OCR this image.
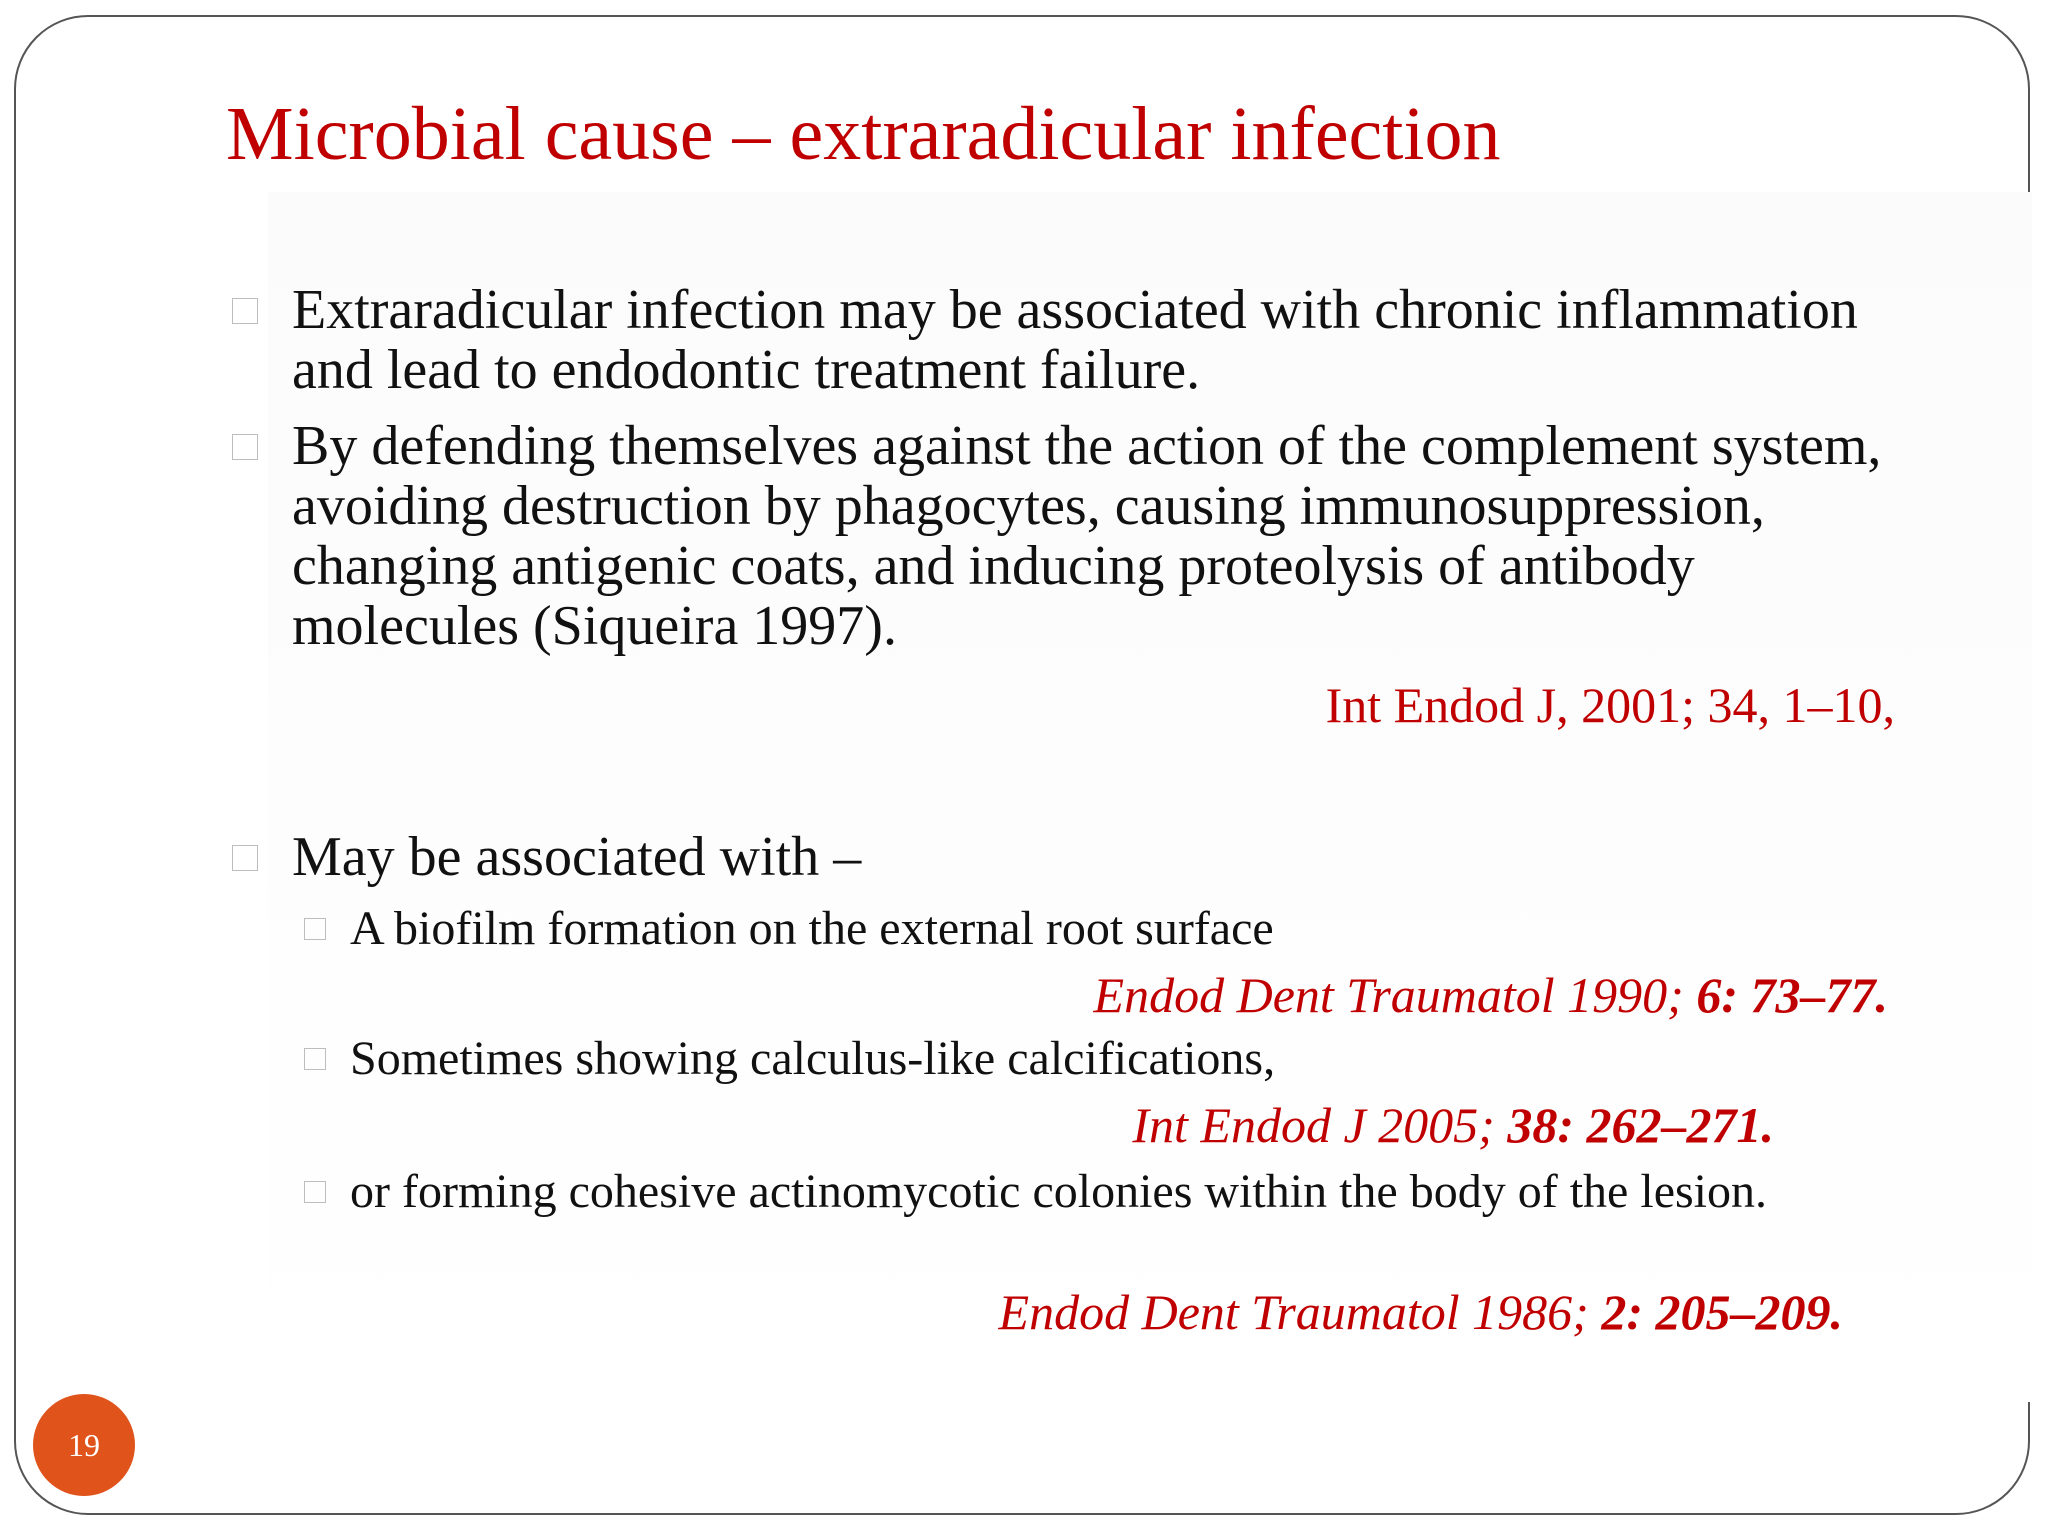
Microbial cause – extraradicular infection
Extraradicular infection may be associated with chronic inflammation and lead to endodontic treatment failure.
By defending themselves against the action of the complement system, avoiding destruction by phagocytes, causing immunosuppression, changing antigenic coats, and inducing proteolysis of antibody molecules (Siqueira 1997).
Int Endod J, 2001; 34, 1–10,
May be associated with –
A biofilm formation on the external root surface
Endod Dent Traumatol 1990; 6: 73–77.
Sometimes showing calculus-like calcifications,
Int Endod J 2005; 38: 262–271.
or forming cohesive actinomycotic colonies within the body of the lesion.
Endod Dent Traumatol 1986; 2: 205–209.
19
